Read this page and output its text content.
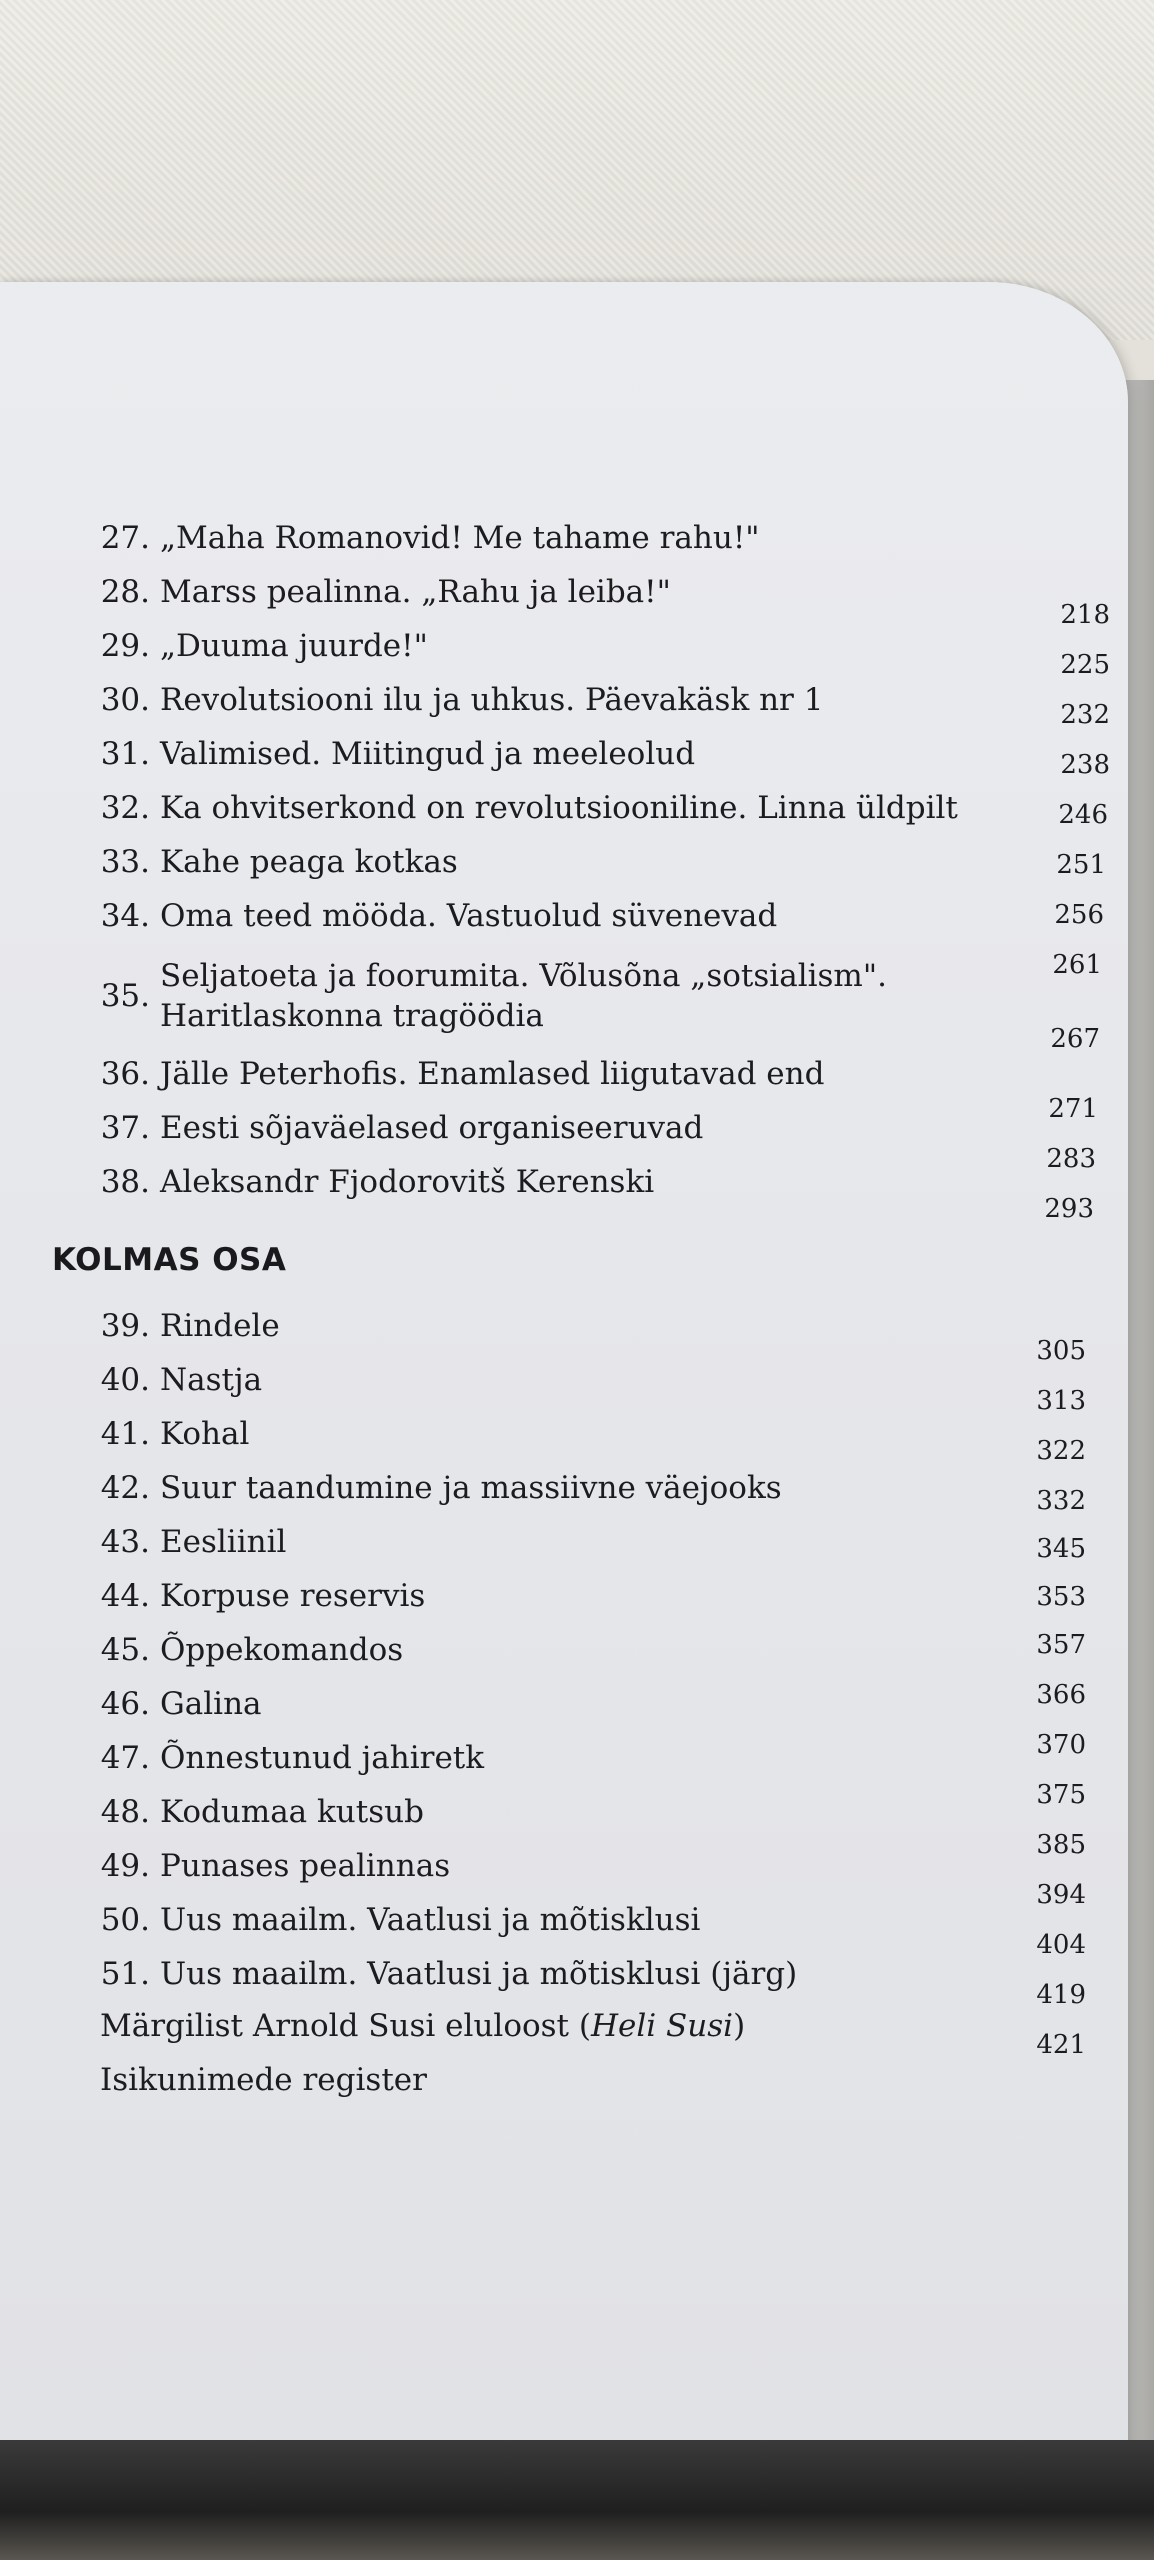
27. „Maha Romanovid! Me tahame rahu!"
28. Marss pealinna. „Rahu ja leiba!"
29. „Duuma juurde!"
30. Revolutsiooni ilu ja uhkus. Päevakäsk nr 1
31. Valimised. Miitingud ja meeleolud
32. Ka ohvitserkond on revolutsiooniline. Linna üldpilt
33. Kahe peaga kotkas
34. Oma teed mööda. Vastuolud süvenevad
35.
Seljatoeta ja foorumita. Võlusõna „sotsialism".
Haritlaskonna tragöödia
36. Jälle Peterhofis. Enamlased liigutavad end
37. Eesti sõjaväelased organiseeruvad
38. Aleksandr Fjodorovitš Kerenski
218
225
232
238
246
251
256
261
267
271
283
293
KOLMAS OSA
39. Rindele
40. Nastja
41. Kohal
42. Suur taandumine ja massiivne väejooks
43. Eesliinil
44. Korpuse reservis
45. Õppekomandos
46. Galina
47. Õnnestunud jahiretk
48. Kodumaa kutsub
49. Punases pealinnas
50. Uus maailm. Vaatlusi ja mõtisklusi
51. Uus maailm. Vaatlusi ja mõtisklusi (järg)
305
313
322
332
345
353
357
366
370
375
385
394
404
Märgilist Arnold Susi eluloost (Heli Susi)
Isikunimede register
419
421
